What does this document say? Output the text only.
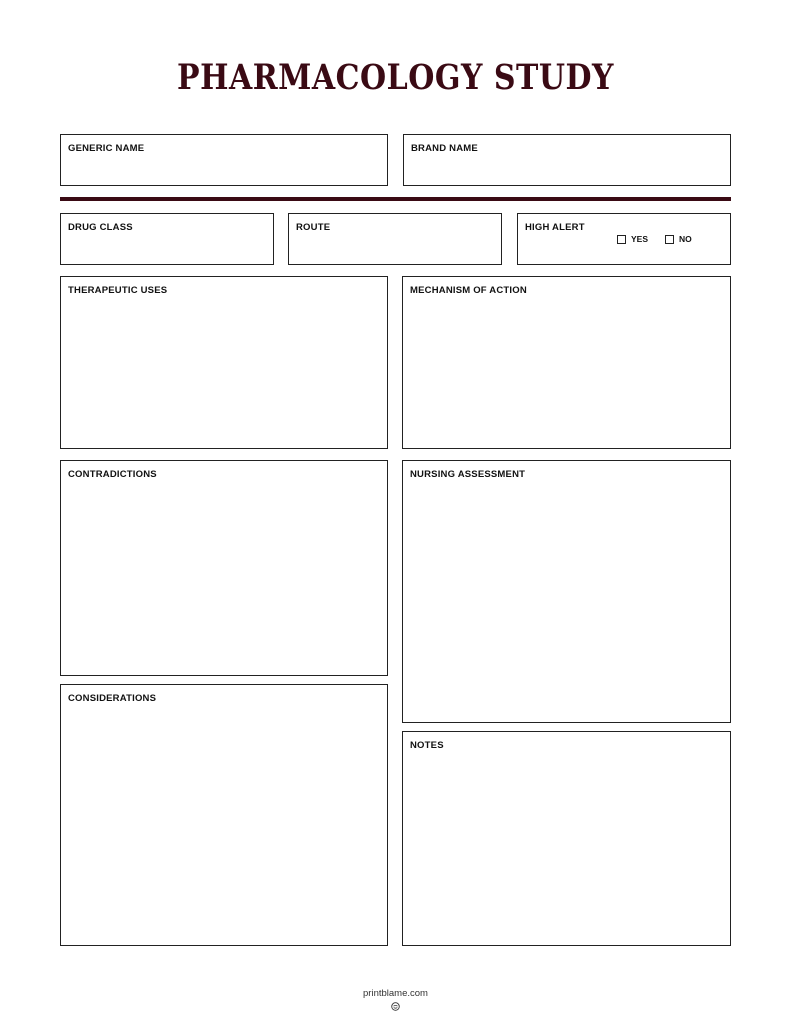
PHARMACOLOGY STUDY
GENERIC NAME	BRAND NAME
DRUG CLASS	ROUTE	HIGH ALERT
YES	NO
THERAPEUTIC USES	MECHANISM OF ACTION
CONTRADICTIONS
CONSIDERATIONS
NURSING ASSESSMENT
NOTES
printblame.com
